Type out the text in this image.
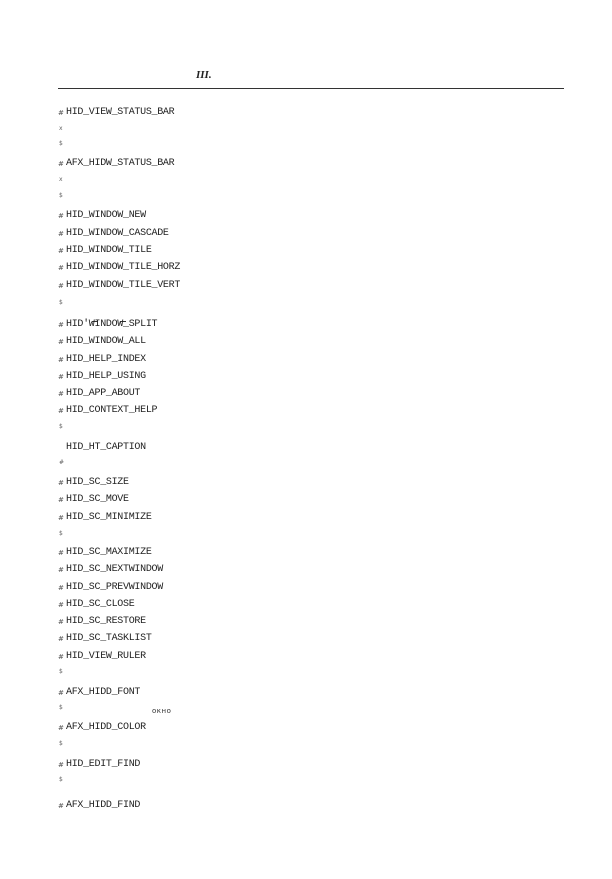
III.
# HID_VIEW_STATUS_BAR
x
$
# AFX_HIDW_STATUS_BAR
x
$
# HID_WINDOW_NEW
# HID_WINDOW_CASCADE
# HID_WINDOW_TILE
# HID_WINDOW_TILE_HORZ
# HID_WINDOW_TILE_VERT
$
# HID'WINDOW_SPLIT
# HID_WINDOW_ALL
# HID_HELP_INDEX
# HID_HELP_USING
# HID_APP_ABOUT
# HID_CONTEXT_HELP
$
HID_HT_CAPTION
#
# HID_SC_SIZE
# HID_SC_MOVE
# HID_SC_MINIMIZE
$
# HID_SC_MAXIMIZE
# HID_SC_NEXTWINDOW
# HID_SC_PREVWINDOW
# HID_SC_CLOSE
# HID_SC_RESTORE
# HID_SC_TASKLIST
# HID_VIEW_RULER
$
# AFX_HIDD_FONT
$	окно
# AFX_HIDD_COLOR
$
# HID_EDIT_FIND
$
# AFX_HIDD_FIND
